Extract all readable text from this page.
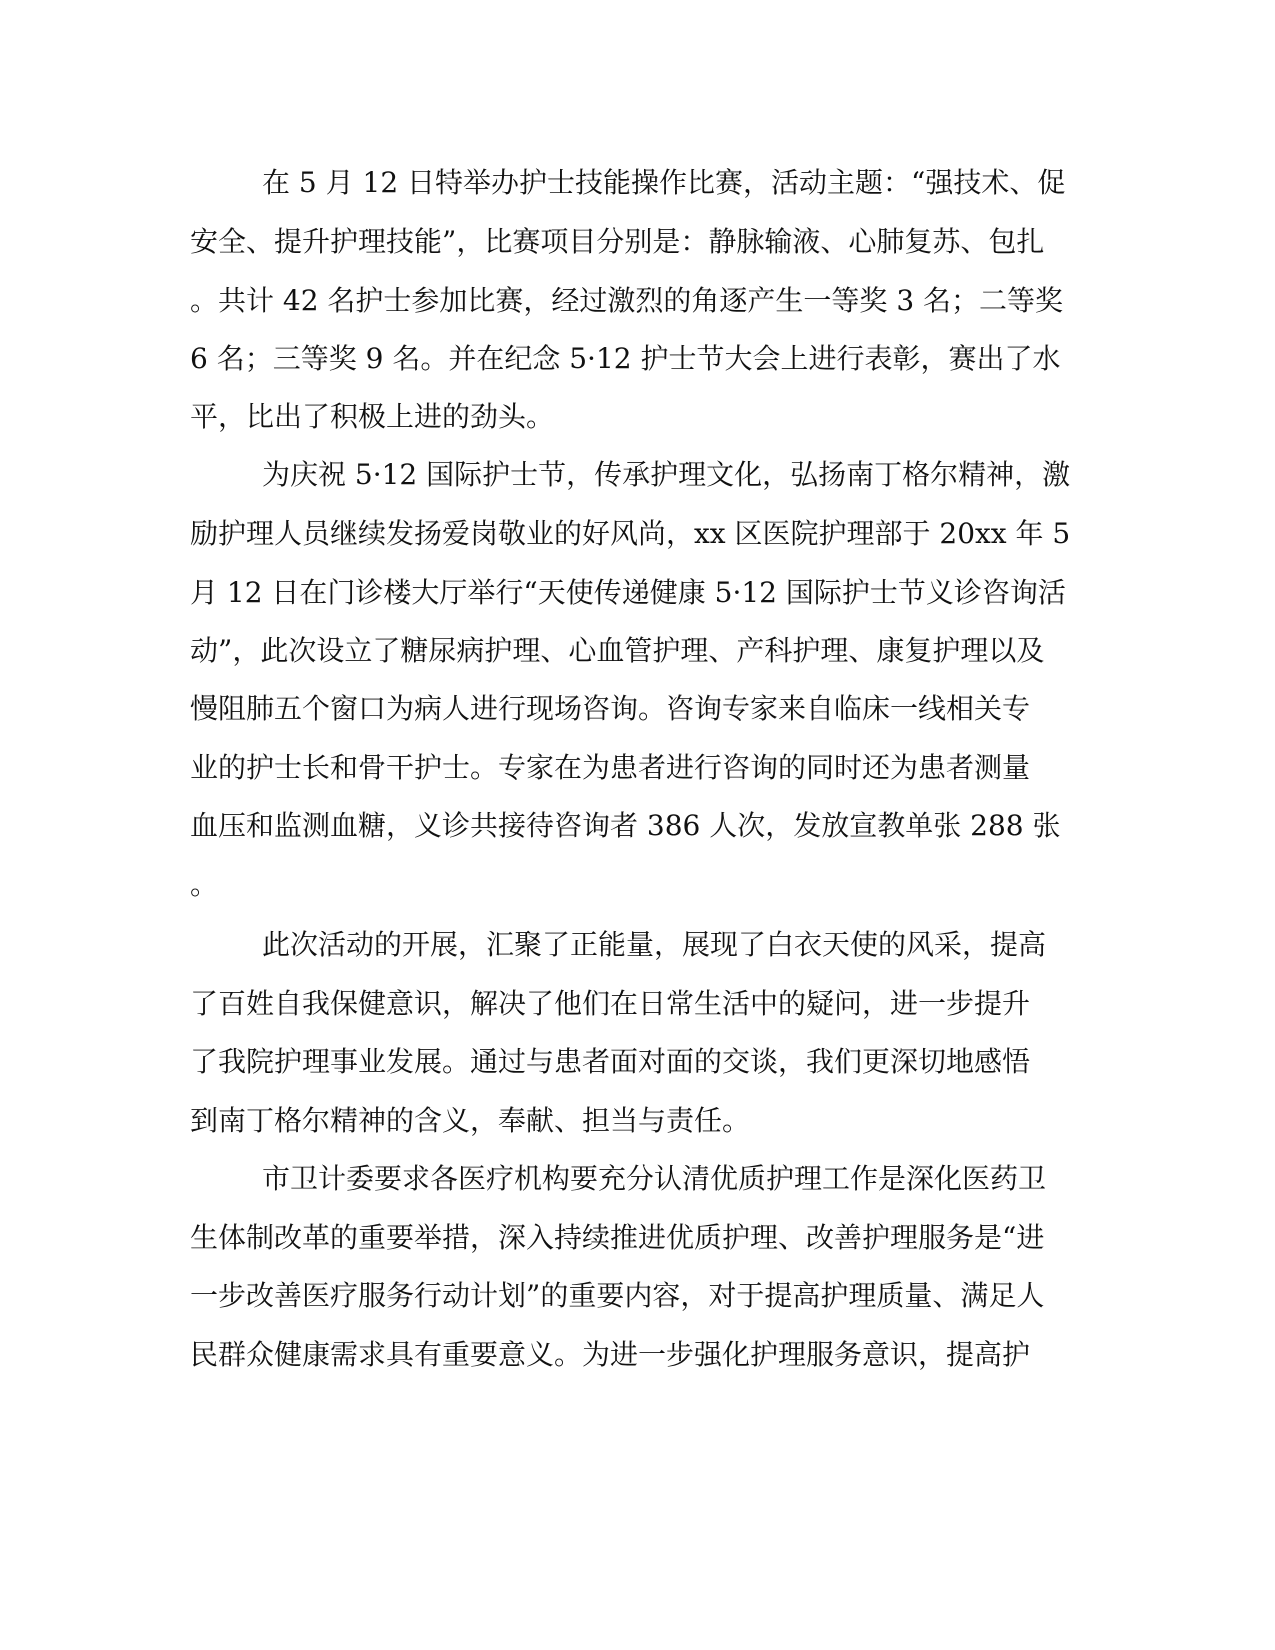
在 5 月 12 日特举办护士技能操作比赛，活动主题：“强技术、促
安全、提升护理技能”，比赛项目分别是：静脉输液、心肺复苏、包扎
。共计 42 名护士参加比赛，经过激烈的角逐产生一等奖 3 名；二等奖
6 名；三等奖 9 名。并在纪念 5·12 护士节大会上进行表彰，赛出了水
平，比出了积极上进的劲头。
为庆祝 5·12 国际护士节，传承护理文化，弘扬南丁格尔精神，激
励护理人员继续发扬爱岗敬业的好风尚，xx 区医院护理部于 20xx 年 5
月 12 日在门诊楼大厅举行“天使传递健康 5·12 国际护士节义诊咨询活
动”，此次设立了糖尿病护理、心血管护理、产科护理、康复护理以及
慢阻肺五个窗口为病人进行现场咨询。咨询专家来自临床一线相关专
业的护士长和骨干护士。专家在为患者进行咨询的同时还为患者测量
血压和监测血糖，义诊共接待咨询者 386 人次，发放宣教单张 288 张
。
此次活动的开展，汇聚了正能量，展现了白衣天使的风采，提高
了百姓自我保健意识，解决了他们在日常生活中的疑问，进一步提升
了我院护理事业发展。通过与患者面对面的交谈，我们更深切地感悟
到南丁格尔精神的含义，奉献、担当与责任。
市卫计委要求各医疗机构要充分认清优质护理工作是深化医药卫
生体制改革的重要举措，深入持续推进优质护理、改善护理服务是“进
一步改善医疗服务行动计划”的重要内容，对于提高护理质量、满足人
民群众健康需求具有重要意义。为进一步强化护理服务意识，提高护
